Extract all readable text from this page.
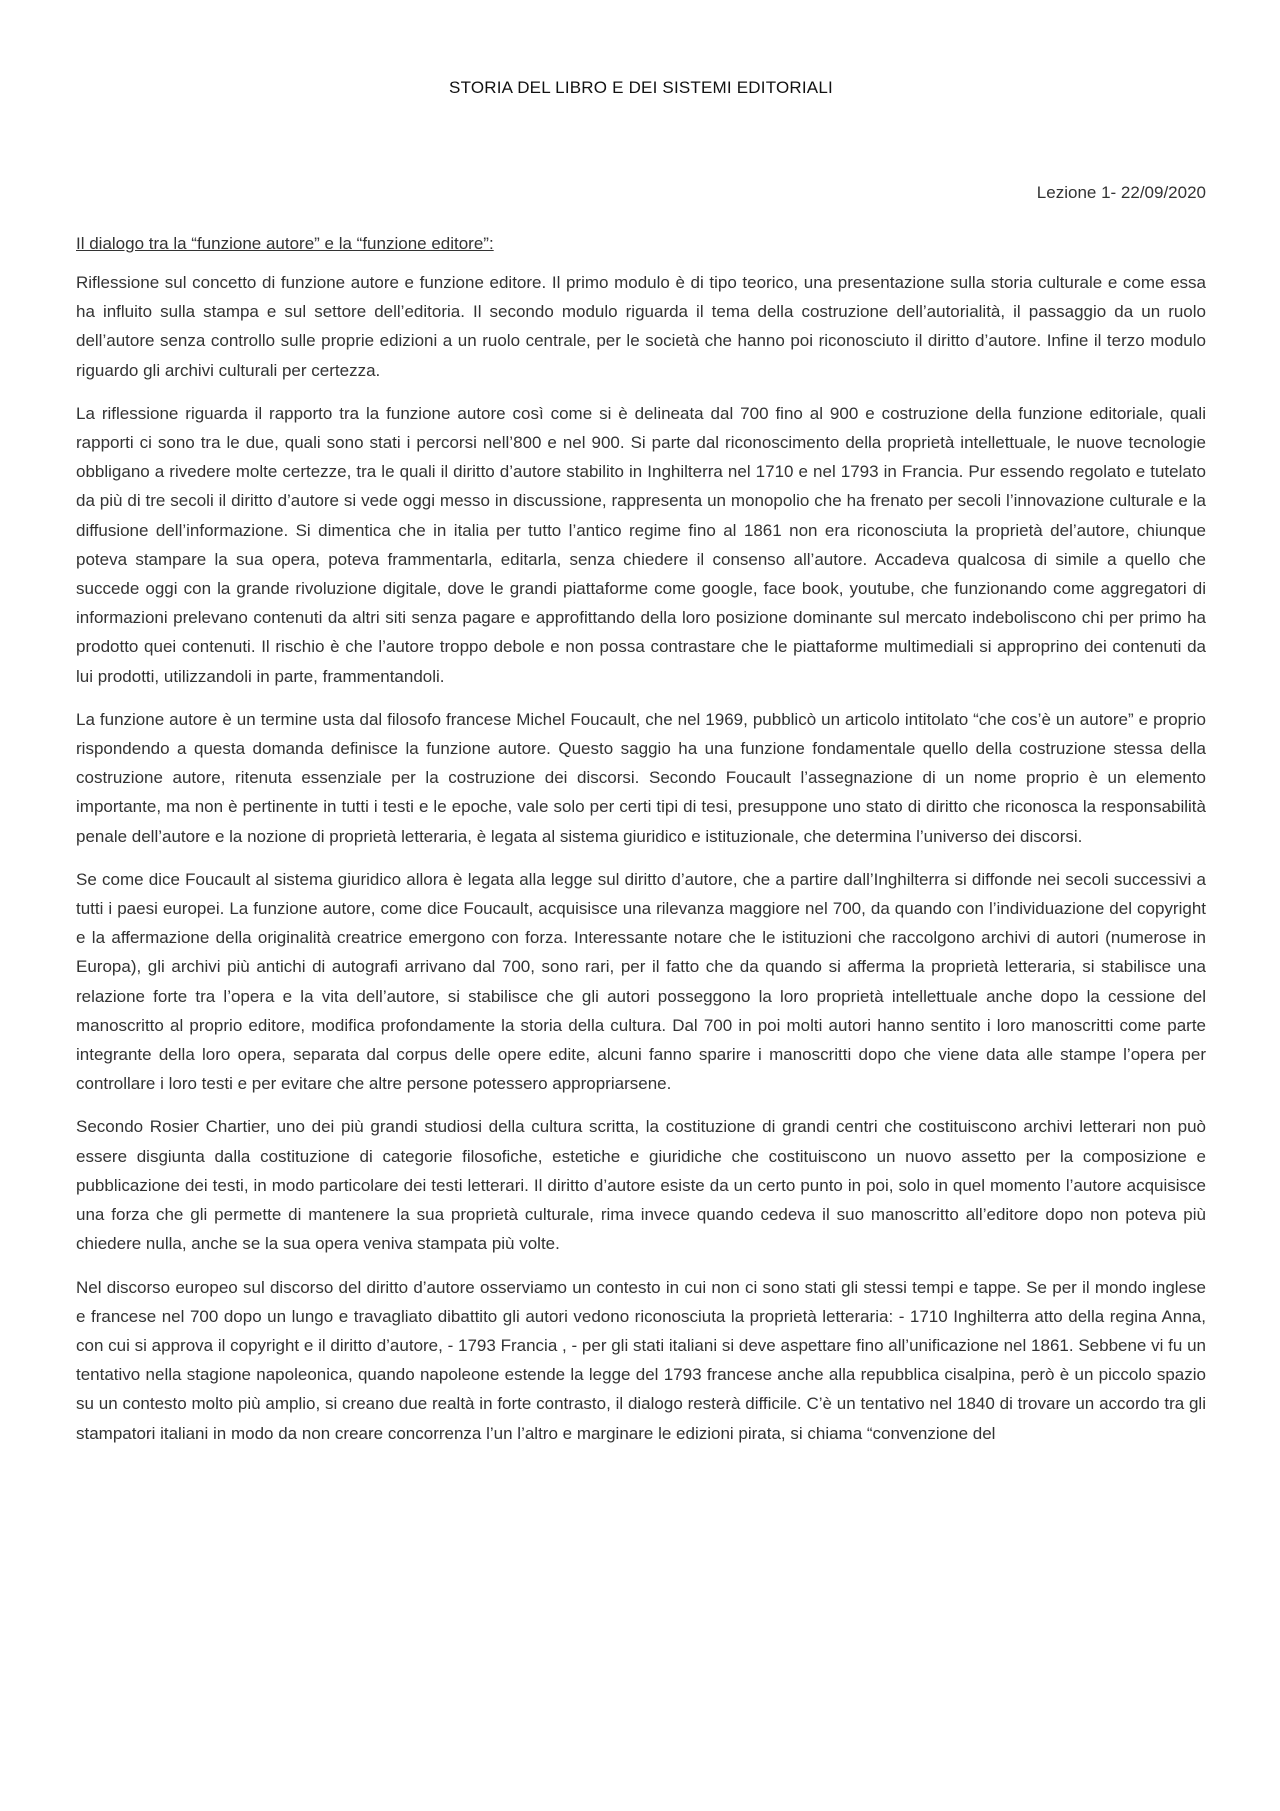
STORIA DEL LIBRO E DEI SISTEMI EDITORIALI
Lezione 1- 22/09/2020
Il dialogo tra la “funzione autore” e la “funzione editore”:

Riflessione sul concetto di funzione autore e funzione editore. Il primo modulo è di tipo teorico, una presentazione sulla storia culturale e come essa ha influito sulla stampa e sul settore dell’editoria. Il secondo modulo riguarda il tema della costruzione dell’autorialità, il passaggio da un ruolo dell’autore senza controllo sulle proprie edizioni a un ruolo centrale, per le società che hanno poi riconosciuto il diritto d’autore. Infine il terzo modulo riguardo gli archivi culturali per certezza.

La riflessione riguarda il rapporto tra la funzione autore così come si è delineata dal 700 fino al 900 e costruzione della funzione editoriale, quali rapporti ci sono tra le due, quali sono stati i percorsi nell’800 e nel 900. Si parte dal riconoscimento della proprietà intellettuale, le nuove tecnologie obbligano a rivedere molte certezze, tra le quali il diritto d’autore stabilito in Inghilterra nel 1710 e nel 1793 in Francia. Pur essendo regolato e tutelato da più di tre secoli il diritto d’autore si vede oggi messo in discussione, rappresenta un monopolio che ha frenato per secoli l’innovazione culturale e la diffusione dell’informazione. Si dimentica che in italia per tutto l’antico regime fino al 1861 non era riconosciuta la proprietà del’autore, chiunque poteva stampare la sua opera, poteva frammentarla, editarla, senza chiedere il consenso all’autore. Accadeva qualcosa di simile a quello che succede oggi con la grande rivoluzione digitale, dove le grandi piattaforme come google, face book, youtube, che funzionando come aggregatori di informazioni prelevano contenuti da altri siti senza pagare e approfittando della loro posizione dominante sul mercato indeboliscono chi per primo ha prodotto quei contenuti. Il rischio è che l’autore troppo debole e non possa contrastare che le piattaforme multimediali si approprino dei contenuti da lui prodotti, utilizzandoli in parte, frammentandoli.

La funzione autore è un termine usta dal filosofo francese Michel Foucault, che nel 1969, pubblicò un articolo intitolato “che cos’è un autore” e proprio rispondendo a questa domanda definisce la funzione autore. Questo saggio ha una funzione fondamentale quello della costruzione stessa della costruzione autore, ritenuta essenziale per la costruzione dei discorsi. Secondo Foucault l’assegnazione di un nome proprio è un elemento importante, ma non è pertinente in tutti i testi e le epoche, vale solo per certi tipi di tesi, presuppone uno stato di diritto che riconosca la responsabilità penale dell’autore e la nozione di proprietà letteraria, è legata al sistema giuridico e istituzionale, che determina l’universo dei discorsi.

Se come dice Foucault al sistema giuridico allora è legata alla legge sul diritto d’autore, che a partire dall’Inghilterra si diffonde nei secoli successivi a tutti i paesi europei. La funzione autore, come dice Foucault, acquisisce una rilevanza maggiore nel 700, da quando con l’individuazione del copyright e la affermazione della originalità creatrice emergono con forza. Interessante notare che le istituzioni che raccolgono archivi di autori (numerose in Europa), gli archivi più antichi di autografi arrivano dal 700, sono rari, per il fatto che da quando si afferma la proprietà letteraria, si stabilisce una relazione forte tra l’opera e la vita dell’autore, si stabilisce che gli autori posseggono la loro proprietà intellettuale anche dopo la cessione del manoscritto al proprio editore, modifica profondamente la storia della cultura. Dal 700 in poi molti autori hanno sentito i loro manoscritti come parte integrante della loro opera, separata dal corpus delle opere edite, alcuni fanno sparire i manoscritti dopo che viene data alle stampe l’opera per controllare i loro testi e per evitare che altre persone potessero appropriarsene.

Secondo Rosier Chartier, uno dei più grandi studiosi della cultura scritta, la costituzione di grandi centri che costituiscono archivi letterari non può essere disgiunta dalla costituzione di categorie filosofiche, estetiche e giuridiche che costituiscono un nuovo assetto per la composizione e pubblicazione dei testi, in modo particolare dei testi letterari. Il diritto d’autore esiste da un certo punto in poi, solo in quel momento l’autore acquisisce una forza che gli permette di mantenere la sua proprietà culturale, rima invece quando cedeva il suo manoscritto all’editore dopo non poteva più chiedere nulla, anche se la sua opera veniva stampata più volte.

Nel discorso europeo sul discorso del diritto d’autore osserviamo un contesto in cui non ci sono stati gli stessi tempi e tappe. Se per il mondo inglese e francese nel 700 dopo un lungo e travagliato dibattito gli autori vedono riconosciuta la proprietà letteraria: - 1710 Inghilterra atto della regina Anna, con cui si approva il copyright e il diritto d’autore, - 1793 Francia , - per gli stati italiani si deve aspettare fino all’unificazione nel 1861. Sebbene vi fu un tentativo nella stagione napoleonica, quando napoleone estende la legge del 1793 francese anche alla repubblica cisalpina, però è un piccolo spazio su un contesto molto più amplio, si creano due realtà in forte contrasto, il dialogo resterà difficile. C’è un tentativo nel 1840 di trovare un accordo tra gli stampatori italiani in modo da non creare concorrenza l’un l’altro e marginare le edizioni pirata, si chiama “convenzione del
